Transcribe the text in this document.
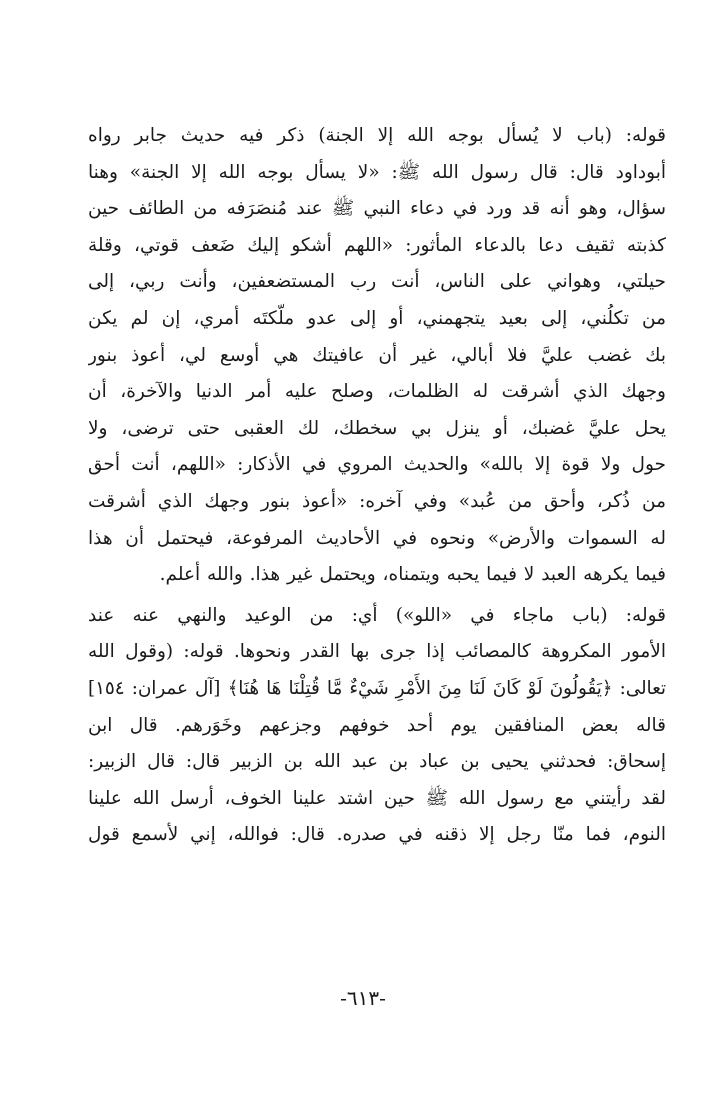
قوله: (باب لا يُسأل بوجه الله إلا الجنة) ذكر فيه حديث جابر رواه
أبوداود قال: قال رسول الله ﷺ: «لا يسأل بوجه الله إلا الجنة» وهنا
سؤال، وهو أنه قد ورد في دعاء النبي ﷺ عند مُنصَرَفه من الطائف حين
كذبته ثقيف دعا بالدعاء المأثور: «اللهم أشكو إليك ضَعف قوتي، وقلة
حيلتي، وهواني على الناس، أنت رب المستضعفين، وأنت ربي، إلى
من تكلُني، إلى بعيد يتجهمني، أو إلى عدو ملّكتَه أمري، إن لم يكن
بك غضب عليَّ فلا أبالي، غير أن عافيتك هي أوسع لي، أعوذ بنور
وجهك الذي أشرقت له الظلمات، وصلح عليه أمر الدنيا والآخرة، أن
يحل عليَّ غضبك، أو ينزل بي سخطك، لك العقبى حتى ترضى، ولا
حول ولا قوة إلا بالله» والحديث المروي في الأذكار: «اللهم، أنت أحق
من ذُكر، وأحق من عُبد» وفي آخره: «أعوذ بنور وجهك الذي أشرقت
له السموات والأرض» ونحوه في الأحاديث المرفوعة، فيحتمل أن هذا
فيما يكرهه العبد لا فيما يحبه ويتمناه، ويحتمل غير هذا. والله أعلم.

قوله: (باب ماجاء في «اللو») أي: من الوعيد والنهي عنه عند
الأمور المكروهة كالمصائب إذا جرى بها القدر ونحوها. قوله: (وقول الله
تعالى: ﴿يَقُولُونَ لَوْ كَانَ لَنَا مِنَ الأَمْرِ شَيْءٌ مَّا قُتِلْنَا هَا هُنَا﴾ [آل عمران: ١٥٤]
قاله بعض المنافقين يوم أحد خوفهم وجزعهم وخَوَرهم. قال ابن
إسحاق: فحدثني يحيى بن عباد بن عبد الله بن الزبير قال: قال الزبير:
لقد رأيتني مع رسول الله ﷺ حين اشتد علينا الخوف، أرسل الله علينا
النوم، فما منّا رجل إلا ذقنه في صدره. قال: فوالله، إني لأسمع قول

-٦١٣-
